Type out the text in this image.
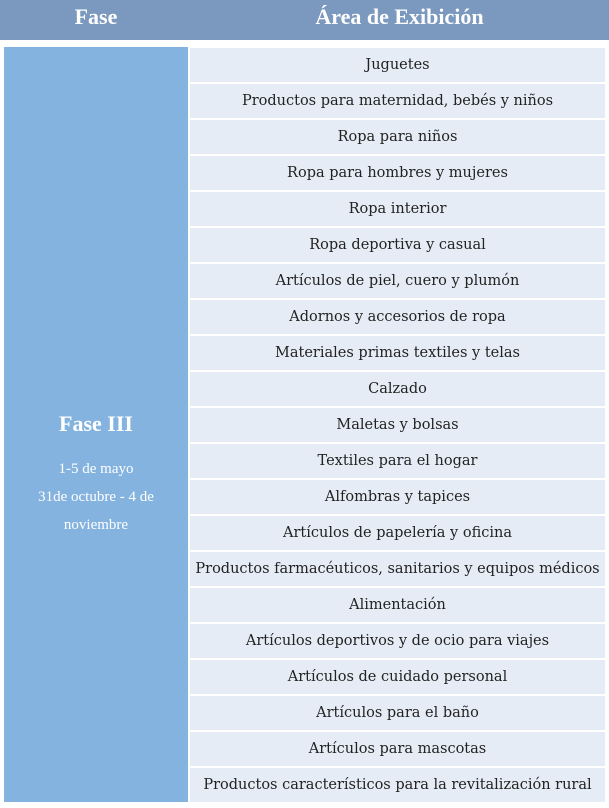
Fase	Área de Exibición
Fase III
1-5 de mayo
31de octubre - 4 de
noviembre
Juguetes
Productos para maternidad, bebés y niños
Ropa para niños
Ropa para hombres y mujeres
Ropa interior
Ropa deportiva y casual
Artículos de piel, cuero y plumón
Adornos y accesorios de ropa
Materiales primas textiles y telas
Calzado
Maletas y bolsas
Textiles para el hogar
Alfombras y tapices
Artículos de papelería y oficina
Productos farmacéuticos, sanitarios y equipos médicos
Alimentación
Artículos deportivos y de ocio para viajes
Artículos de cuidado personal
Artículos para el baño
Artículos para mascotas
Productos característicos para la revitalización rural
